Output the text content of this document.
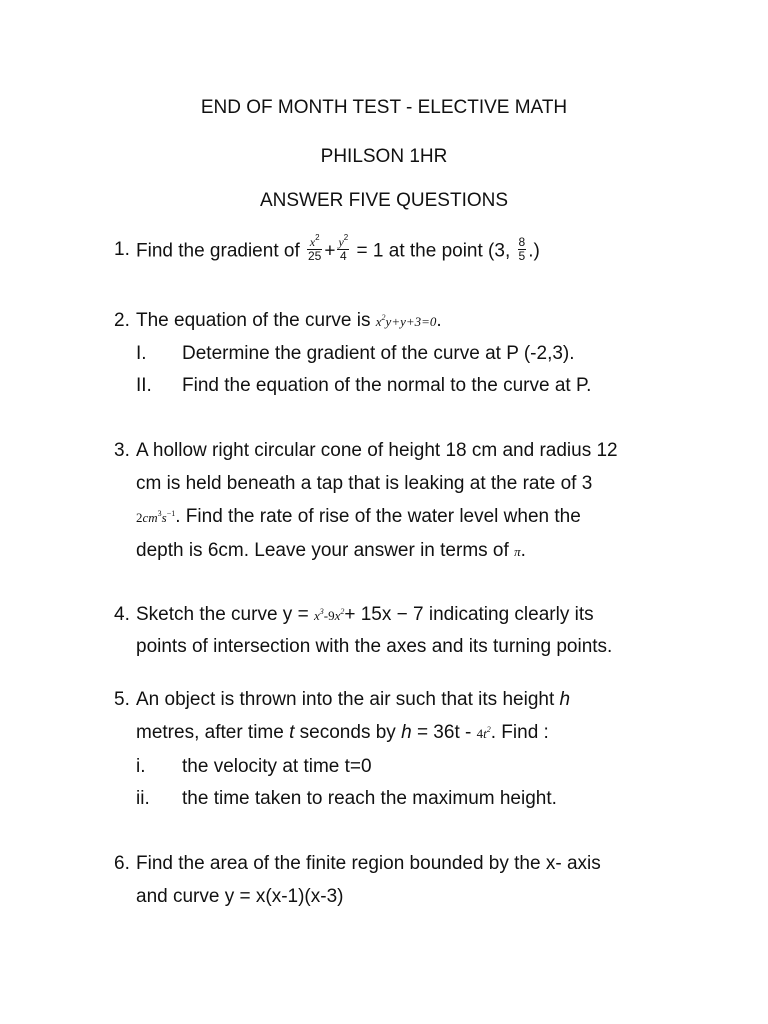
END OF MONTH TEST - ELECTIVE MATH
PHILSON 1HR
ANSWER FIVE QUESTIONS
1. Find the gradient of $\frac{x^2}{25} + \frac{y^2}{4} = 1$ at the point (3, $\frac{8}{5}$ .)
2. The equation of the curve is $x^2y+y+3=0$.
I. Determine the gradient of the curve at P (-2,3).
II. Find the equation of the normal to the curve at P.
3. A hollow right circular cone of height 18 cm and radius 12
cm is held beneath a tap that is leaking at the rate of 3
$2cm^3s^{-1}$. Find the rate of rise of the water level when the
depth is 6cm. Leave your answer in terms of π.
4. Sketch the curve $y = x^3-9x^2+ 15x - 7$ indicating clearly its
points of intersection with the axes and its turning points.
5. An object is thrown into the air such that its height h
metres, after time t seconds by $h = 36t - 4t^2$. Find :
i. the velocity at time t=0
ii. the time taken to reach the maximum height.
6. Find the area of the finite region bounded by the x- axis
and curve y = x(x-1)(x-3)
